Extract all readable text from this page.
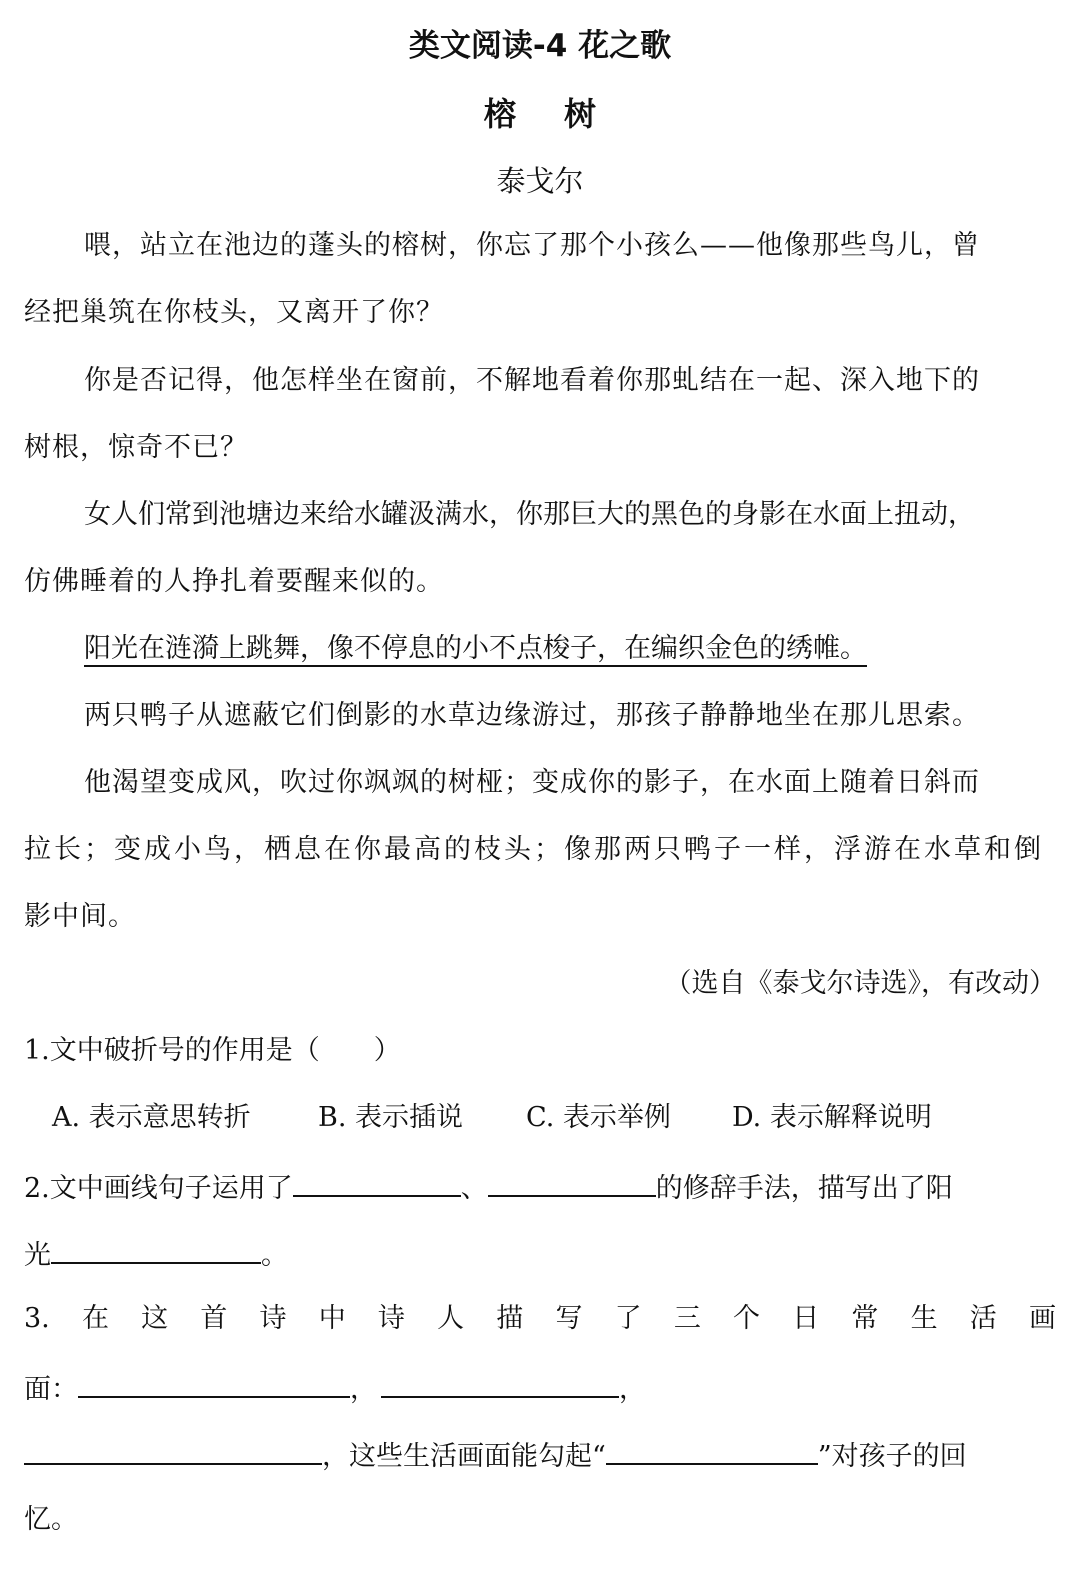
类文阅读-4 花之歌
榕树
泰戈尔
喂，站立在池边的蓬头的榕树，你忘了那个小孩么——他像那些鸟儿，曾
经把巢筑在你枝头，又离开了你？
你是否记得，他怎样坐在窗前，不解地看着你那虬结在一起、深入地下的
树根，惊奇不已？
女人们常到池塘边来给水罐汲满水，你那巨大的黑色的身影在水面上扭动，
仿佛睡着的人挣扎着要醒来似的。
阳光在涟漪上跳舞，像不停息的小不点梭子，在编织金色的绣帷。
两只鸭子从遮蔽它们倒影的水草边缘游过，那孩子静静地坐在那儿思索。
他渴望变成风，吹过你飒飒的树桠；变成你的影子，在水面上随着日斜而
拉长；变成小鸟，栖息在你最高的枝头；像那两只鸭子一样，浮游在水草和倒
影中间。
（选自《泰戈尔诗选》，有改动）
1.文中破折号的作用是（　　）
A. 表示意思转折 B. 表示插说 C. 表示举例 D. 表示解释说明
2.文中画线句子运用了	、	的修辞手法，描写出了阳
光	。
3. 在 这 首 诗 中 诗 人 描 写 了 三 个 日 常 生 活 画
面：	，	，
，这些生活画面能勾起“	”对孩子的回
忆。
